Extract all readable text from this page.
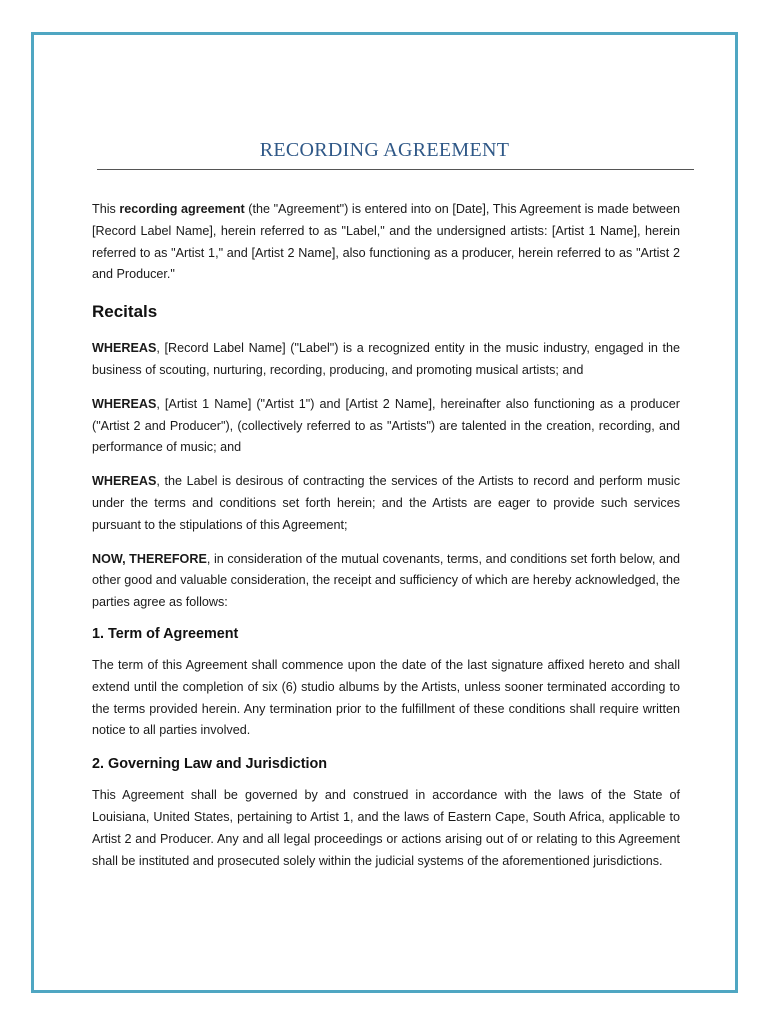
RECORDING AGREEMENT

This recording agreement (the "Agreement") is entered into on [Date], This Agreement is made between [Record Label Name], herein referred to as "Label," and the undersigned artists: [Artist 1 Name], herein referred to as "Artist 1," and [Artist 2 Name], also functioning as a producer, herein referred to as "Artist 2 and Producer."

Recitals

WHEREAS, [Record Label Name] ("Label") is a recognized entity in the music industry, engaged in the business of scouting, nurturing, recording, producing, and promoting musical artists; and

WHEREAS, [Artist 1 Name] ("Artist 1") and [Artist 2 Name], hereinafter also functioning as a producer ("Artist 2 and Producer"), (collectively referred to as "Artists") are talented in the creation, recording, and performance of music; and

WHEREAS, the Label is desirous of contracting the services of the Artists to record and perform music under the terms and conditions set forth herein; and the Artists are eager to provide such services pursuant to the stipulations of this Agreement;

NOW, THEREFORE, in consideration of the mutual covenants, terms, and conditions set forth below, and other good and valuable consideration, the receipt and sufficiency of which are hereby acknowledged, the parties agree as follows:

1. Term of Agreement

The term of this Agreement shall commence upon the date of the last signature affixed hereto and shall extend until the completion of six (6) studio albums by the Artists, unless sooner terminated according to the terms provided herein. Any termination prior to the fulfillment of these conditions shall require written notice to all parties involved.

2. Governing Law and Jurisdiction

This Agreement shall be governed by and construed in accordance with the laws of the State of Louisiana, United States, pertaining to Artist 1, and the laws of Eastern Cape, South Africa, applicable to Artist 2 and Producer. Any and all legal proceedings or actions arising out of or relating to this Agreement shall be instituted and prosecuted solely within the judicial systems of the aforementioned jurisdictions.
